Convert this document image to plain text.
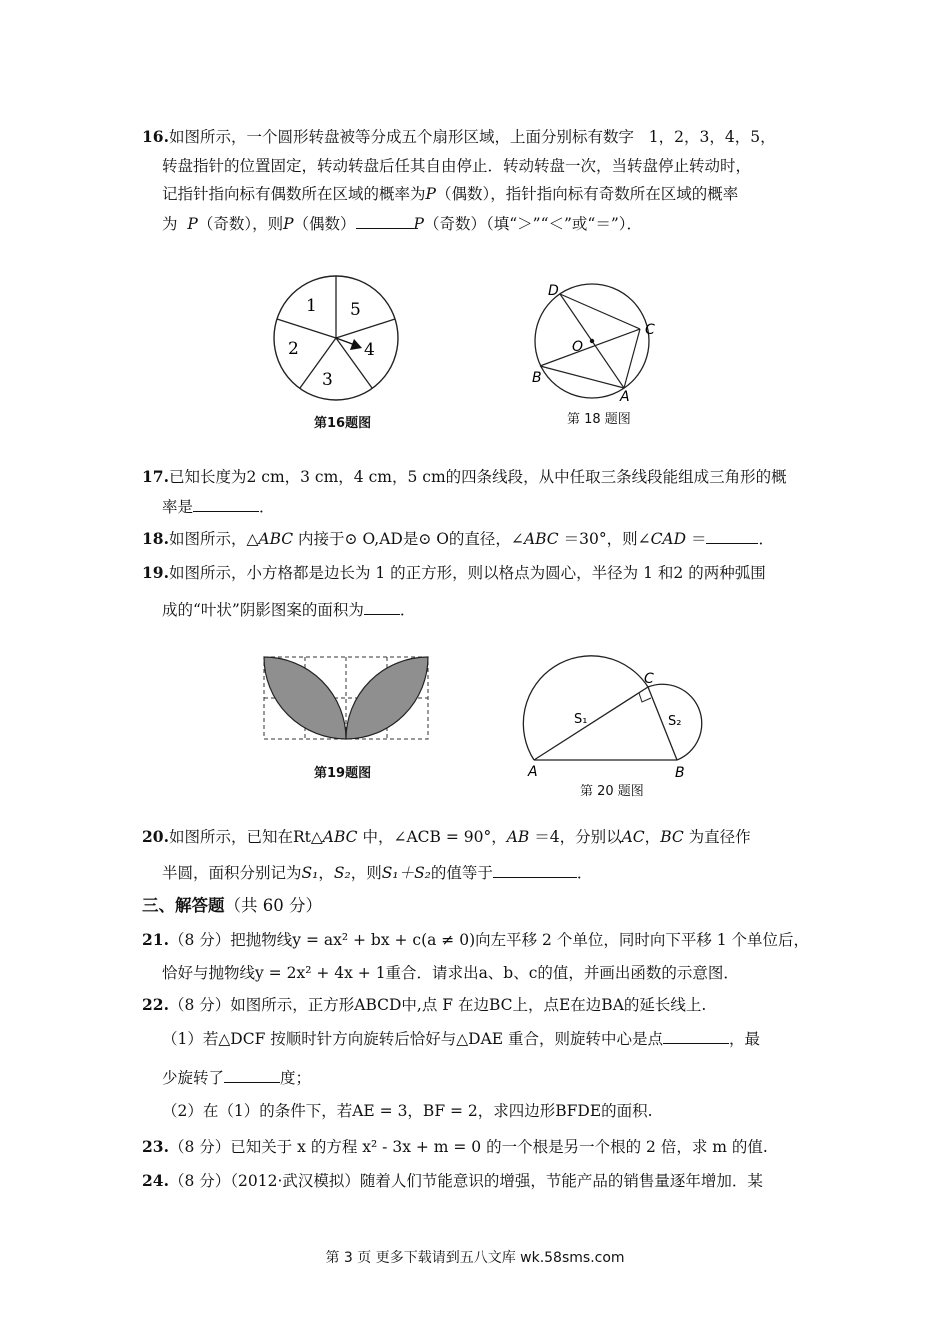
16.如图所示，一个圆形转盘被等分成五个扇形区域，上面分别标有数字 1，2，3，4，5，
转盘指针的位置固定，转动转盘后任其自由停止．转动转盘一次，当转盘停止转动时，
记指针指向标有偶数所在区域的概率为P（偶数），指针指向标有奇数所在区域的概率
为 P（奇数），则P（偶数）	P（奇数）（填“＞”“＜”或“＝”）．
1 5
4
3
2
第16题图
D
C
O
B
A
第 18 题图
17.已知长度为2 cm，3 cm，4 cm，5 cm的四条线段，从中任取三条线段能组成三角形的概
率是	．
18.如图所示，△ABC 内接于⊙ O,AD是⊙ O的直径，∠ABC ＝30°，则∠CAD ＝	．
19.如图所示，小方格都是边长为 1 的正方形，则以格点为圆心，半径为 1 和2 的两种弧围
成的“叶状”阴影图案的面积为 ．
第19题图
S₁	S₂
C
A	B
第 20 题图
20.如图所示，已知在Rt△ABC 中，∠ACB = 90°，AB ＝4，分别以AC，BC 为直径作
半圆，面积分别记为S₁，S₂，则S₁＋S₂的值等于	．
三、解答题（共 60 分）
21.（8 分）把抛物线y = ax² + bx + c(a ≠ 0)向左平移 2 个单位，同时向下平移 1 个单位后，
恰好与抛物线y = 2x² + 4x + 1重合．请求出a、b、c的值，并画出函数的示意图．
22.（8 分）如图所示，正方形ABCD中,点 F 在边BC上，点E在边BA的延长线上.
（1）若△DCF 按顺时针方向旋转后恰好与△DAE 重合，则旋转中心是点	，最
少旋转了	度；
（2）在（1）的条件下，若AE = 3，BF = 2，求四边形BFDE的面积.
23.（8 分）已知关于 x 的方程 x² - 3x + m = 0 的一个根是另一个根的 2 倍，求 m 的值.
24.（8 分）（2012·武汉模拟）随着人们节能意识的增强，节能产品的销售量逐年增加．某
第 3 页 更多下载请到五八文库 wk.58sms.com
